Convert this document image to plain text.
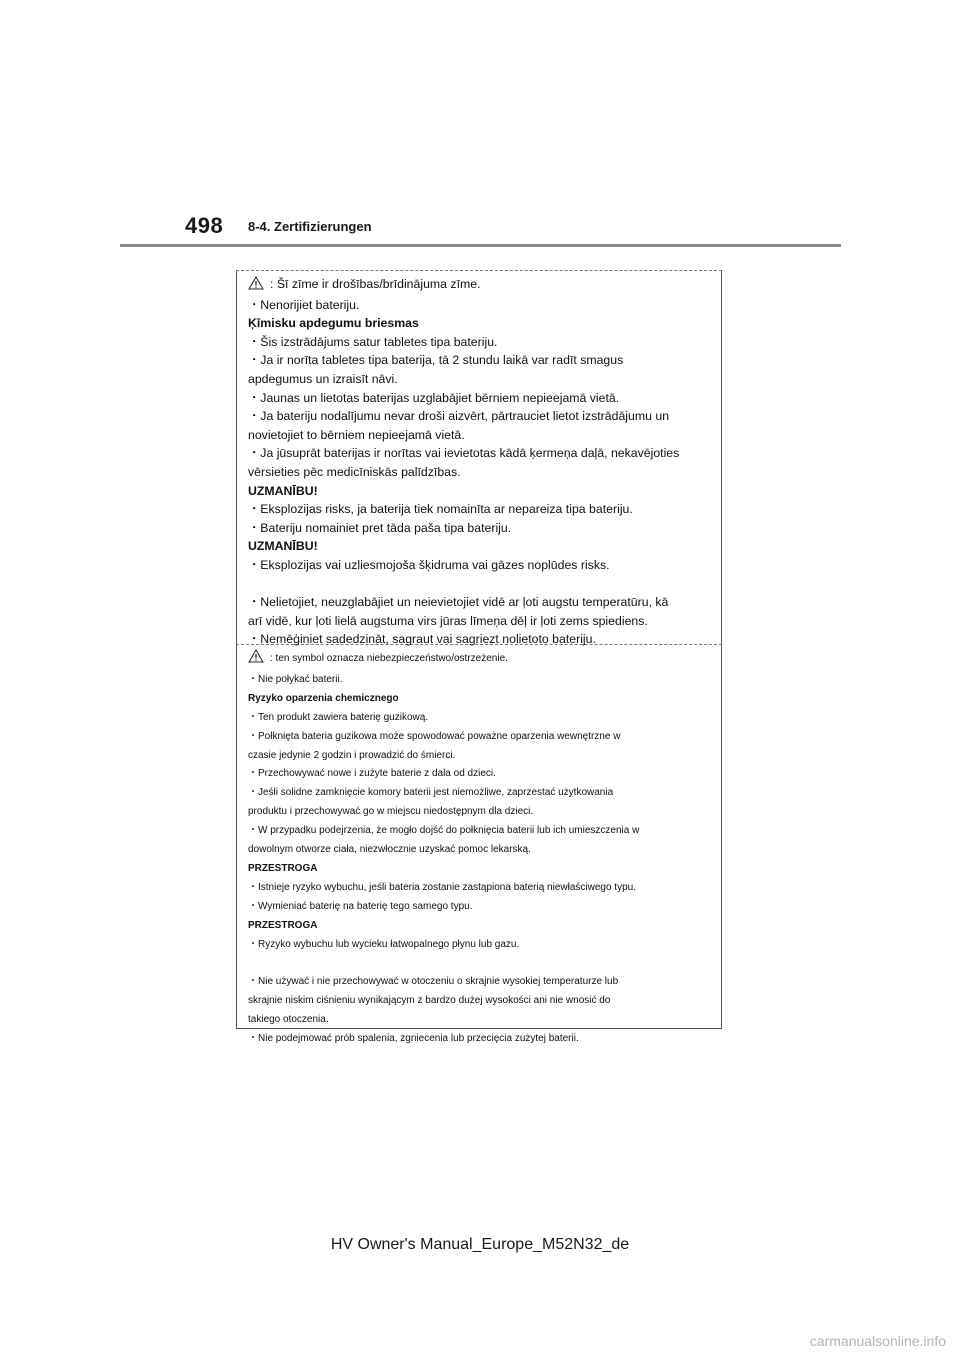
498 8-4. Zertifizierungen
: Šī zīme ir drošības/brīdinājuma zīme.
・Nenorijiet bateriju.
Ķīmisku apdegumu briesmas
・Šis izstrādājums satur tabletes tipa bateriju.
・Ja ir norīta tabletes tipa baterija, tā 2 stundu laikā var radīt smagus
apdegumus un izraisīt nāvi.
・Jaunas un lietotas baterijas uzglabājiet bērniem nepieejamā vietā.
・Ja bateriju nodalījumu nevar droši aizvērt, pārtrauciet lietot izstrādājumu un
novietojiet to bērniem nepieejamā vietā.
・Ja jūsuprāt baterijas ir norītas vai ievietotas kādā ķermeņa daļā, nekavējoties
vērsieties pēc medicīniskās palīdzības.
UZMANĪBU!
・Eksplozijas risks, ja baterija tiek nomainīta ar nepareiza tipa bateriju.
・Bateriju nomainiet pret tāda paša tipa bateriju.
UZMANĪBU!
・Eksplozijas vai uzliesmojoša šķidruma vai gāzes noplūdes risks.
・Nelietojiet, neuzglabājiet un neievietojiet vidē ar ļoti augstu temperatūru, kā
arī vidē, kur ļoti lielā augstuma virs jūras līmeņa dēļ ir ļoti zems spiediens.
・Nemēģiniet sadedzināt, sagraut vai sagriezt nolietoto bateriju.
: ten symbol oznacza niebezpieczeństwo/ostrzeżenie.
・Nie połykać baterii.
Ryzyko oparzenia chemicznego
・Ten produkt zawiera baterię guzikową.
・Połknięta bateria guzikowa może spowodować poważne oparzenia wewnętrzne w
czasie jedynie 2 godzin i prowadzić do śmierci.
・Przechowywać nowe i zużyte baterie z dala od dzieci.
・Jeśli solidne zamknięcie komory baterii jest niemożliwe, zaprzestać użytkowania
produktu i przechowywać go w miejscu niedostępnym dla dzieci.
・W przypadku podejrzenia, że mogło dojść do połknięcia baterii lub ich umieszczenia w
dowolnym otworze ciała, niezwłocznie uzyskać pomoc lekarską.
PRZESTROGA
・Istnieje ryzyko wybuchu, jeśli bateria zostanie zastąpiona baterią niewłaściwego typu.
・Wymieniać baterię na baterię tego samego typu.
PRZESTROGA
・Ryzyko wybuchu lub wycieku łatwopalnego płynu lub gazu.
・Nie używać i nie przechowywać w otoczeniu o skrajnie wysokiej temperaturze lub
skrajnie niskim ciśnieniu wynikającym z bardzo dużej wysokości ani nie wnosić do
takiego otoczenia.
・Nie podejmować prób spalenia, zgniecenia lub przecięcia zużytej baterii.
HV Owner's Manual_Europe_M52N32_de
carmanualsonline.info
